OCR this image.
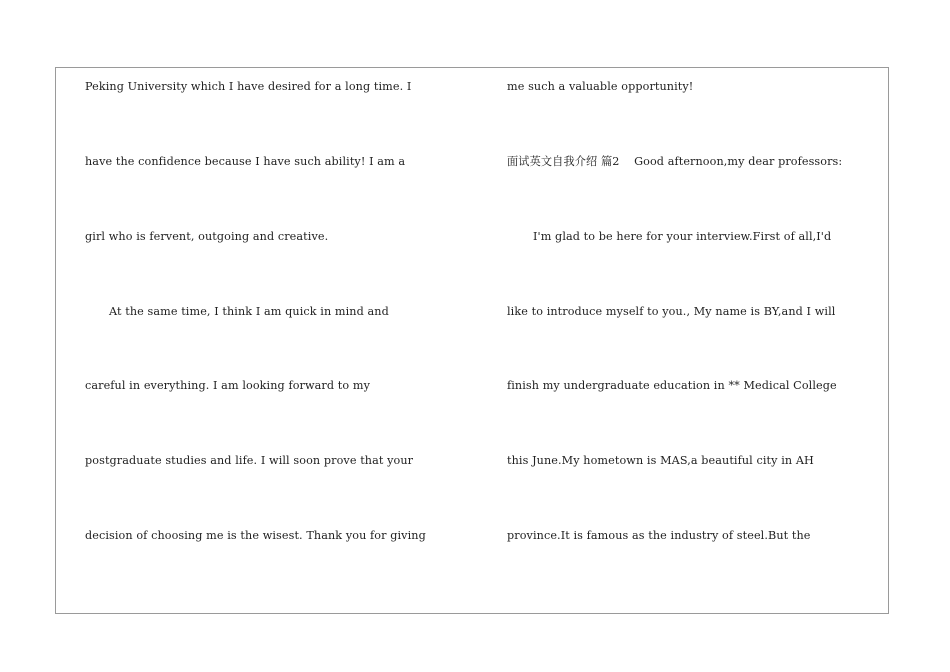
Peking University which I have desired for a long time. I
have the confidence because I have such ability! I am a
girl who is fervent, outgoing and creative.
At the same time, I think I am quick in mind and
careful in everything. I am looking forward to my
postgraduate studies and life. I will soon prove that your
decision of choosing me is the wisest. Thank you for giving
me such a valuable opportunity!
面试英文自我介绍 篇2    Good afternoon,my dear professors:
I'm glad to be here for your interview.First of all,I'd
like to introduce myself to you., My name is BY,and I will
finish my undergraduate education in ** Medical College
this June.My hometown is MAS,a beautiful city in AH
province.It is famous as the industry of steel.But the
